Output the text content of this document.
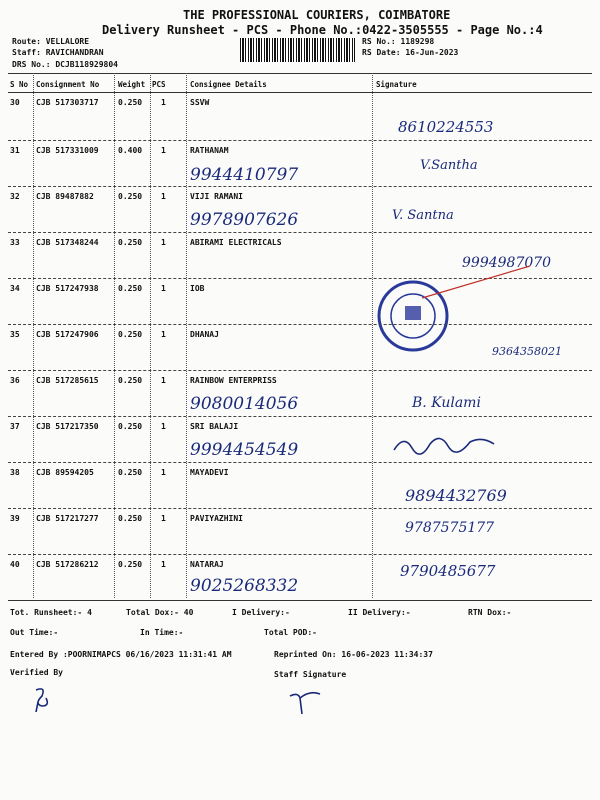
THE PROFESSIONAL COURIERS, COIMBATORE
Delivery Runsheet - PCS - Phone No.:0422-3505555 - Page No.:4
Route: VELLALORE
Staff: RAVICHANDRAN
DRS No.: DCJB118929804
RS No.: 1189298
RS Date: 16-Jun-2023
S No Consignment No	Weight PCS	Consignee Details	Signature
30 CJB 517303717 0.250 1	SSVW
8610224553
31 CJB 517331009 0.400 1	RATHANAM
9944410797	V.Santha
32 CJB 89487882	0.250 1	VIJI RAMANI
9978907626	V. Santna
33 CJB 517348244 0.250 1	ABIRAMI ELECTRICALS
9994987070
34 CJB 517247938 0.250 1	IOB
35 CJB 517247906 0.250 1	DHANAJ
9364358021
36 CJB 517285615 0.250 1	RAINBOW ENTERPRISS
9080014056	B. Kulami
37 CJB 517217350 0.250 1	SRI BALAJI
9994454549
38 CJB 89594205	0.250 1	MAYADEVI
9894432769
39 CJB 517217277 0.250 1	PAVIYAZHINI
9787575177
40 CJB 517286212 0.250 1	NATARAJ
9025268332
9790485677
Tot. Runsheet:- 4	Total Dox:- 40	I Delivery:-	II Delivery:-	RTN Dox:-
Out Time:-	In Time:-	Total POD:-
Entered By :POORNIMAPCS 06/16/2023 11:31:41 AM	Reprinted On: 16-06-2023 11:34:37
Verified By	Staff Signature
